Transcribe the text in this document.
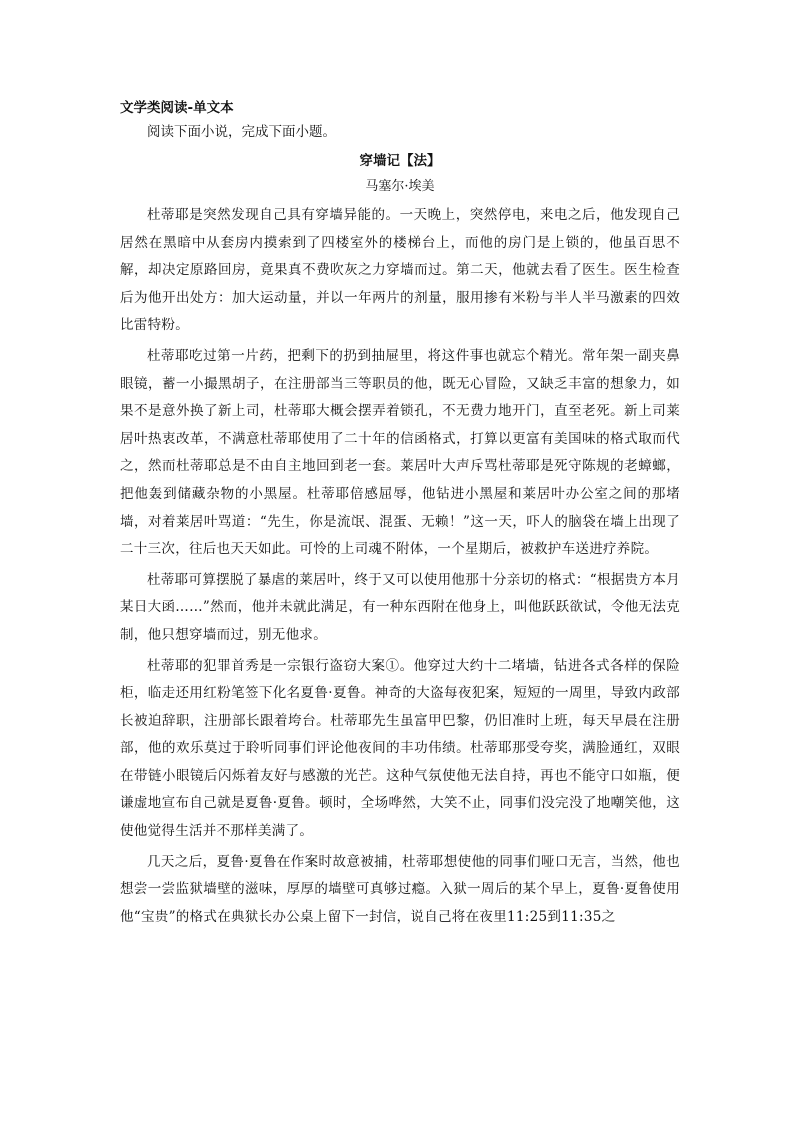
文学类阅读-单文本

阅读下面小说，完成下面小题。

穿墙记【法】

马塞尔·埃美

杜蒂耶是突然发现自己具有穿墙异能的。一天晚上，突然停电，来电之后，他发现自己居然在黑暗中从套房内摸索到了四楼室外的楼梯台上，而他的房门是上锁的，他虽百思不解，却决定原路回房，竟果真不费吹灰之力穿墙而过。第二天，他就去看了医生。医生检查后为他开出处方：加大运动量，并以一年两片的剂量，服用掺有米粉与半人半马激素的四效比雷特粉。

杜蒂耶吃过第一片药，把剩下的扔到抽屉里，将这件事也就忘个精光。常年架一副夹鼻眼镜，蓄一小撮黑胡子，在注册部当三等职员的他，既无心冒险，又缺乏丰富的想象力，如果不是意外换了新上司，杜蒂耶大概会摆弄着锁孔，不无费力地开门，直至老死。新上司莱居叶热衷改革，不满意杜蒂耶使用了二十年的信函格式，打算以更富有美国味的格式取而代之，然而杜蒂耶总是不由自主地回到老一套。莱居叶大声斥骂杜蒂耶是死守陈规的老蟑螂，把他轰到储藏杂物的小黑屋。杜蒂耶倍感屈辱，他钻进小黑屋和莱居叶办公室之间的那堵墙，对着莱居叶骂道：“先生，你是流氓、混蛋、无赖！”这一天，吓人的脑袋在墙上出现了二十三次，往后也天天如此。可怜的上司魂不附体，一个星期后，被救护车送进疗养院。

杜蒂耶可算摆脱了暴虐的莱居叶，终于又可以使用他那十分亲切的格式：“根据贵方本月某日大函……”然而，他并未就此满足，有一种东西附在他身上，叫他跃跃欲试，令他无法克制，他只想穿墙而过，别无他求。

杜蒂耶的犯罪首秀是一宗银行盗窃大案①。他穿过大约十二堵墙，钻进各式各样的保险柜，临走还用红粉笔签下化名夏鲁·夏鲁。神奇的大盗每夜犯案，短短的一周里，导致内政部长被迫辞职，注册部长跟着垮台。杜蒂耶先生虽富甲巴黎，仍旧准时上班，每天早晨在注册部，他的欢乐莫过于聆听同事们评论他夜间的丰功伟绩。杜蒂耶那受夸奖，满脸通红，双眼在带链小眼镜后闪烁着友好与感激的光芒。这种气氛使他无法自持，再也不能守口如瓶，便谦虚地宣布自己就是夏鲁·夏鲁。顿时，全场哗然，大笑不止，同事们没完没了地嘲笑他，这使他觉得生活并不那样美满了。

几天之后，夏鲁·夏鲁在作案时故意被捕，杜蒂耶想使他的同事们哑口无言，当然，他也想尝一尝监狱墙壁的滋味，厚厚的墙壁可真够过瘾。入狱一周后的某个早上，夏鲁·夏鲁使用他“宝贵”的格式在典狱长办公桌上留下一封信，说自己将在夜里11:25到11:35之
